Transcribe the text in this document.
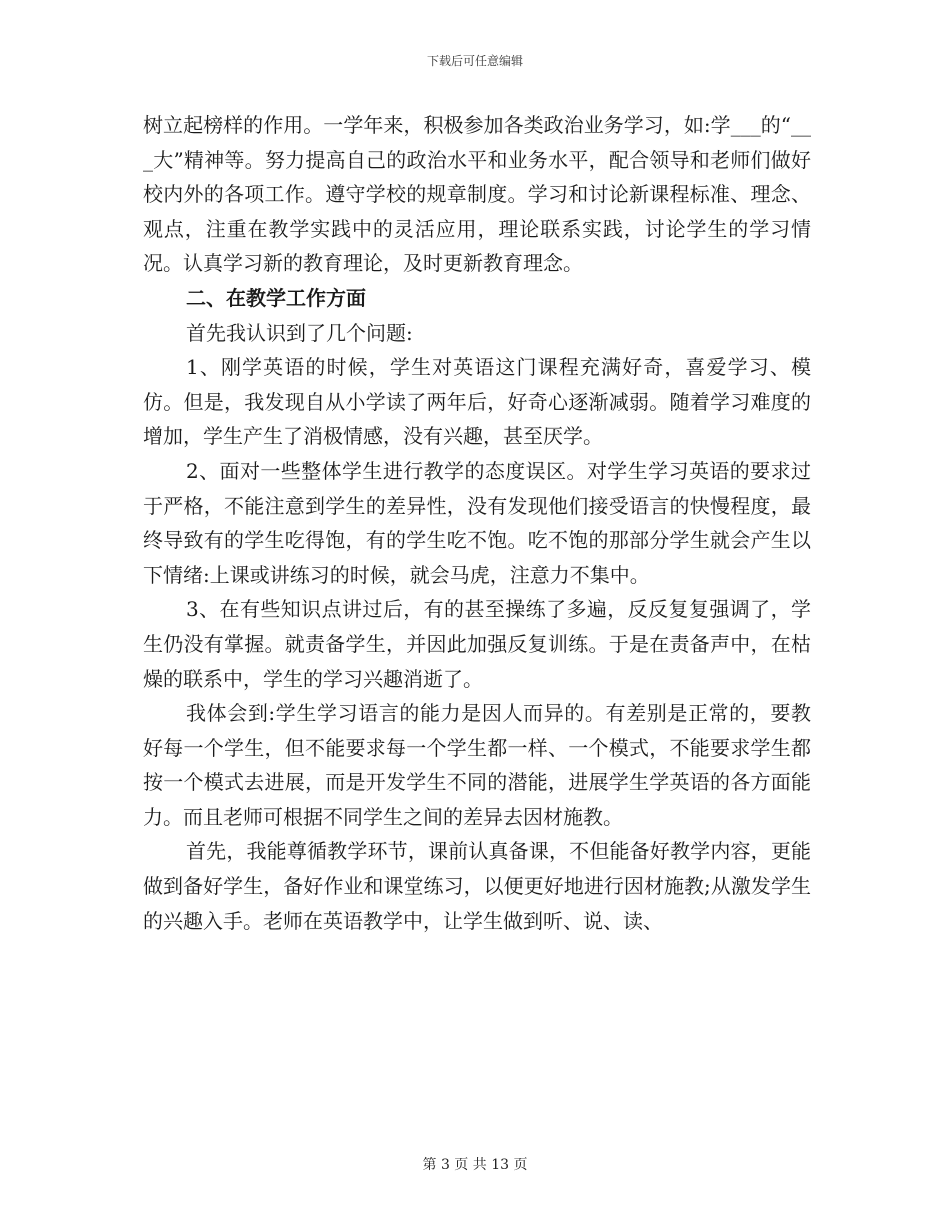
下载后可任意编辑

树立起榜样的作用。一学年来，积极参加各类政治业务学习，如:学___的“___大”精神等。努力提高自己的政治水平和业务水平，配合领导和老师们做好校内外的各项工作。遵守学校的规章制度。学习和讨论新课程标准、理念、观点，注重在教学实践中的灵活应用，理论联系实践，讨论学生的学习情况。认真学习新的教育理论，及时更新教育理念。

二、在教学工作方面

首先我认识到了几个问题:

1、刚学英语的时候，学生对英语这门课程充满好奇，喜爱学习、模仿。但是，我发现自从小学读了两年后，好奇心逐渐减弱。随着学习难度的增加，学生产生了消极情感，没有兴趣，甚至厌学。

2、面对一些整体学生进行教学的态度误区。对学生学习英语的要求过于严格，不能注意到学生的差异性，没有发现他们接受语言的快慢程度，最终导致有的学生吃得饱，有的学生吃不饱。吃不饱的那部分学生就会产生以下情绪:上课或讲练习的时候，就会马虎，注意力不集中。

3、在有些知识点讲过后，有的甚至操练了多遍，反反复复强调了，学生仍没有掌握。就责备学生，并因此加强反复训练。于是在责备声中，在枯燥的联系中，学生的学习兴趣消逝了。

我体会到:学生学习语言的能力是因人而异的。有差别是正常的，要教好每一个学生，但不能要求每一个学生都一样、一个模式，不能要求学生都按一个模式去进展，而是开发学生不同的潜能，进展学生学英语的各方面能力。而且老师可根据不同学生之间的差异去因材施教。

首先，我能尊循教学环节，课前认真备课，不但能备好教学内容，更能做到备好学生，备好作业和课堂练习，以便更好地进行因材施教;从激发学生的兴趣入手。老师在英语教学中，让学生做到听、说、读、

第 3 页 共 13 页
